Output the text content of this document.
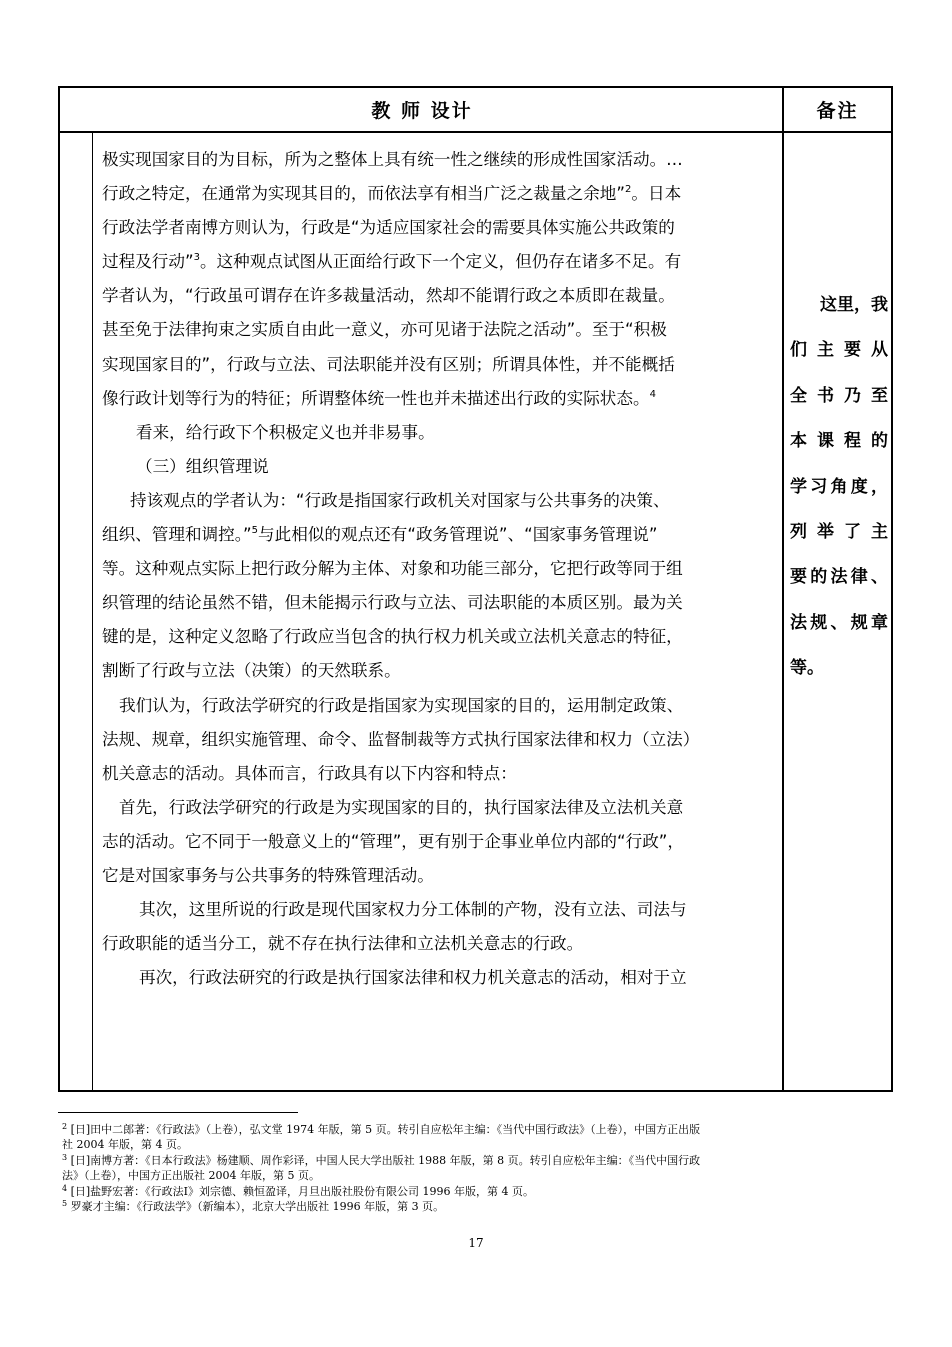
教 师 设计	备注
极实现国家目的为目标，所为之整体上具有统一性之继续的形成性国家活动。…
行政之特定，在通常为实现其目的，而依法享有相当广泛之裁量之余地”$^2$。日本
行政法学者南博方则认为，行政是“为适应国家社会的需要具体实施公共政策的
过程及行动”$^3$。这种观点试图从正面给行政下一个定义，但仍存在诸多不足。有
学者认为，“行政虽可谓存在许多裁量活动，然却不能谓行政之本质即在裁量。
甚至免于法律拘束之实质自由此一意义，亦可见诸于法院之活动”。至于“积极
实现国家目的”，行政与立法、司法职能并没有区别；所谓具体性，并不能概括
像行政计划等行为的特征；所谓整体统一性也并未描述出行政的实际状态。$^4$
看来，给行政下个积极定义也并非易事。
（三）组织管理说
持该观点的学者认为：“行政是指国家行政机关对国家与公共事务的决策、
组织、管理和调控。”$^5$与此相似的观点还有“政务管理说”、“国家事务管理说”
等。这种观点实际上把行政分解为主体、对象和功能三部分，它把行政等同于组
织管理的结论虽然不错，但未能揭示行政与立法、司法职能的本质区别。最为关
键的是，这种定义忽略了行政应当包含的执行权力机关或立法机关意志的特征，
割断了行政与立法（决策）的天然联系。
我们认为，行政法学研究的行政是指国家为实现国家的目的，运用制定政策、
法规、规章，组织实施管理、命令、监督制裁等方式执行国家法律和权力（立法）
机关意志的活动。具体而言，行政具有以下内容和特点：
首先，行政法学研究的行政是为实现国家的目的，执行国家法律及立法机关意
志的活动。它不同于一般意义上的“管理”，更有别于企事业单位内部的“行政”，
它是对国家事务与公共事务的特殊管理活动。
其次，这里所说的行政是现代国家权力分工体制的产物，没有立法、司法与
行政职能的适当分工，就不存在执行法律和立法机关意志的行政。
再次，行政法研究的行政是执行国家法律和权力机关意志的活动，相对于立
这里，我
们 主 要 从
全 书 乃 至
本 课 程 的
学习角度，
列 举 了 主
要的法律、
法规、规章
等。
$^2$ [日]田中二郎著：《行政法》（上卷），弘文堂 1974 年版，第 5 页。转引自应松年主编：《当代中国行政法》（上卷），中国方正出版
社 2004 年版，第 4 页。
$^3$ [日]南博方著：《日本行政法》杨建顺、周作彩译，中国人民大学出版社 1988 年版，第 8 页。转引自应松年主编：《当代中国行政
法》（上卷），中国方正出版社 2004 年版，第 5 页。
$^4$ [日]盐野宏著：《行政法Ⅰ》刘宗德、赖恒盈译，月旦出版社股份有限公司 1996 年版，第 4 页。
$^5$ 罗豪才主编：《行政法学》（新编本），北京大学出版社 1996 年版，第 3 页。
17
